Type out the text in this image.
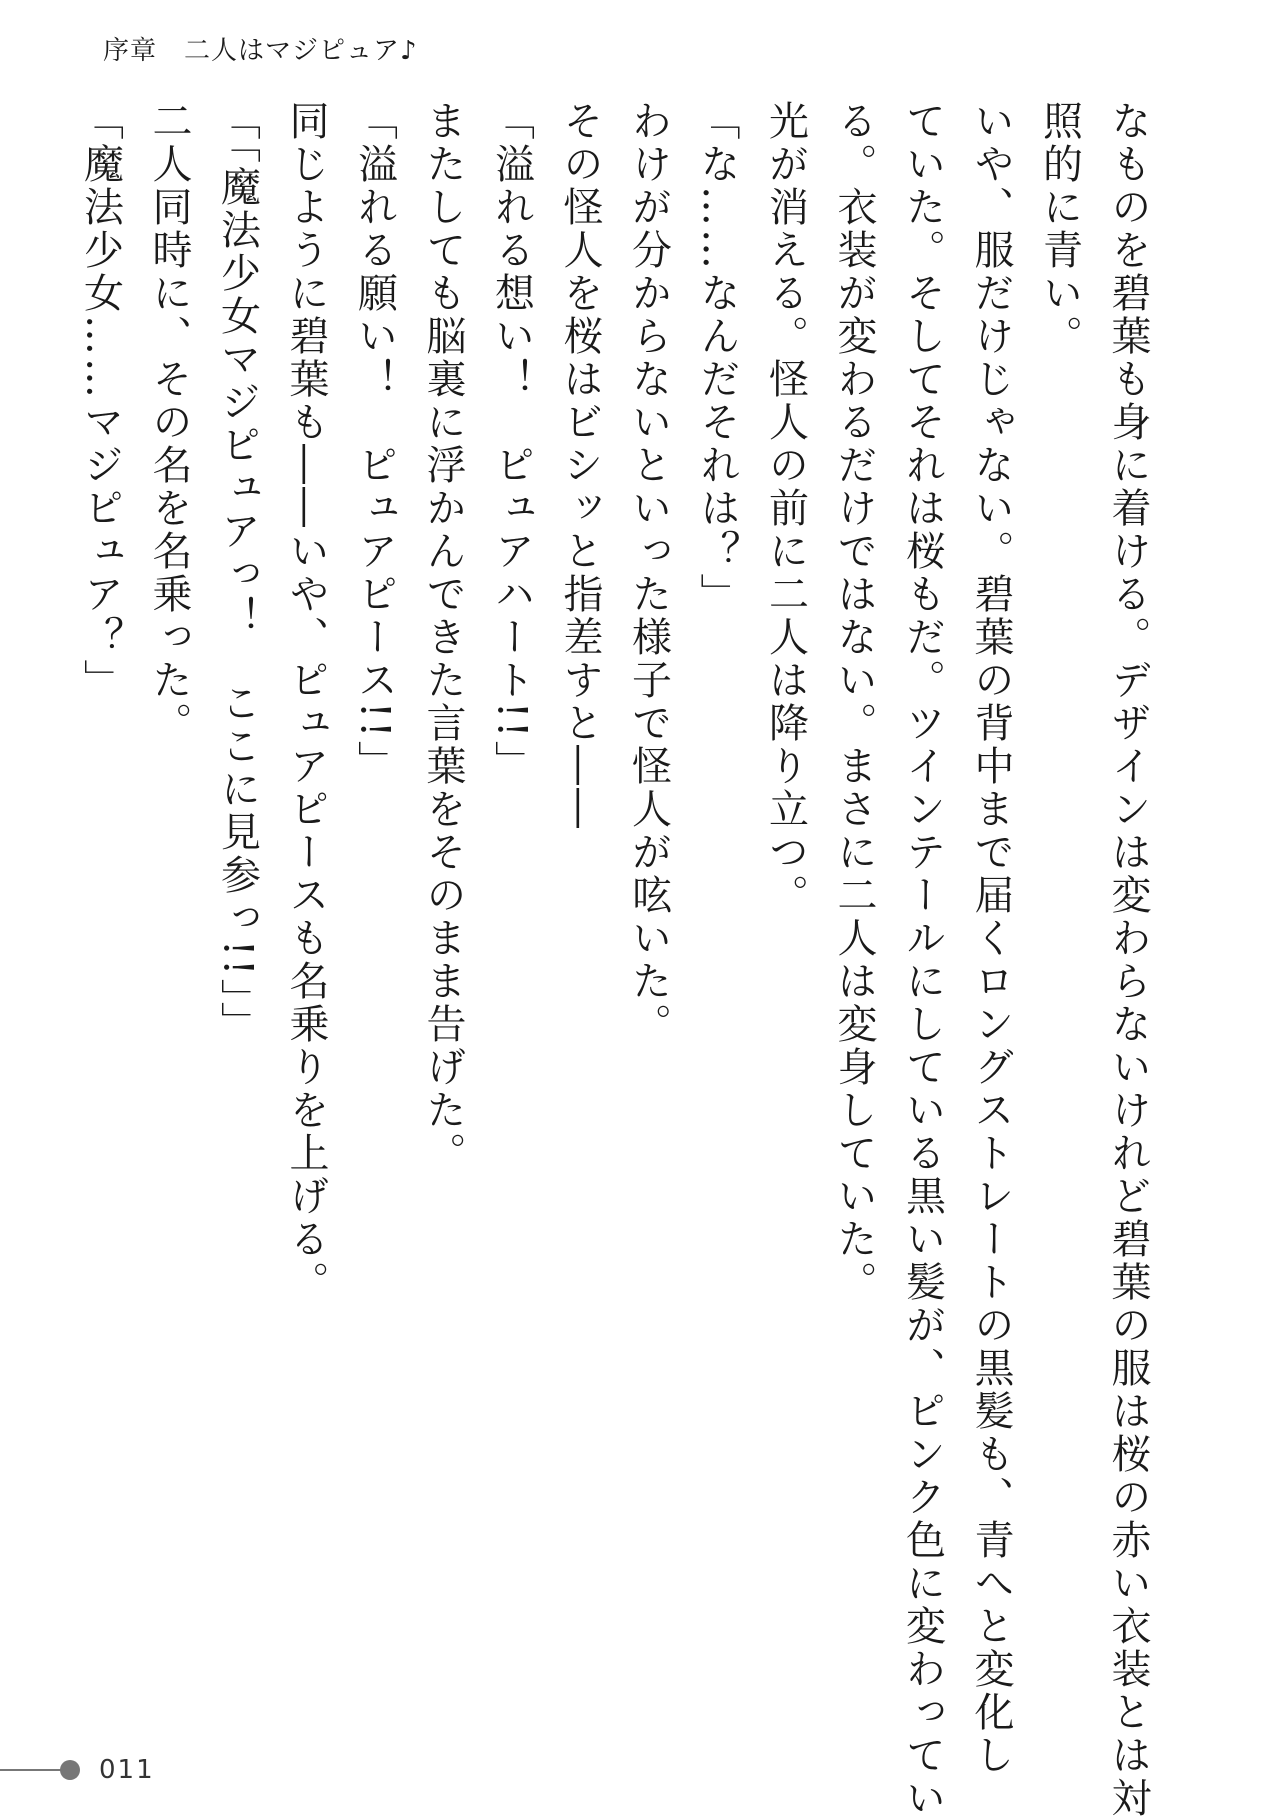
序章　二人はマジピュア♪

なものを碧葉も身に着ける。デザインは変わらないけれど碧葉の服は桜の赤い衣装とは対

照的に青い。

いや、服だけじゃない。碧葉の背中まで届くロングストレートの黒髪も、青へと変化し

ていた。そしてそれは桜もだ。ツインテールにしている黒い髪が、ピンク色に変わってい

る。衣装が変わるだけではない。まさに二人は変身していた。

光が消える。怪人の前に二人は降り立つ。

「な……なんだそれは？」

わけが分からないといった様子で怪人が呟いた。

その怪人を桜はビシッと指差すと――

「溢れる想い！　ピュアハート!!」

またしても脳裏に浮かんできた言葉をそのまま告げた。

「溢れる願い！　ピュアピース!!」

同じように碧葉も――いや、ピュアピースも名乗りを上げる。

「「魔法少女マジピュアっ！　ここに見参っ!!」」

二人同時に、その名を名乗った。

「魔法少女……マジピュア？」

011
